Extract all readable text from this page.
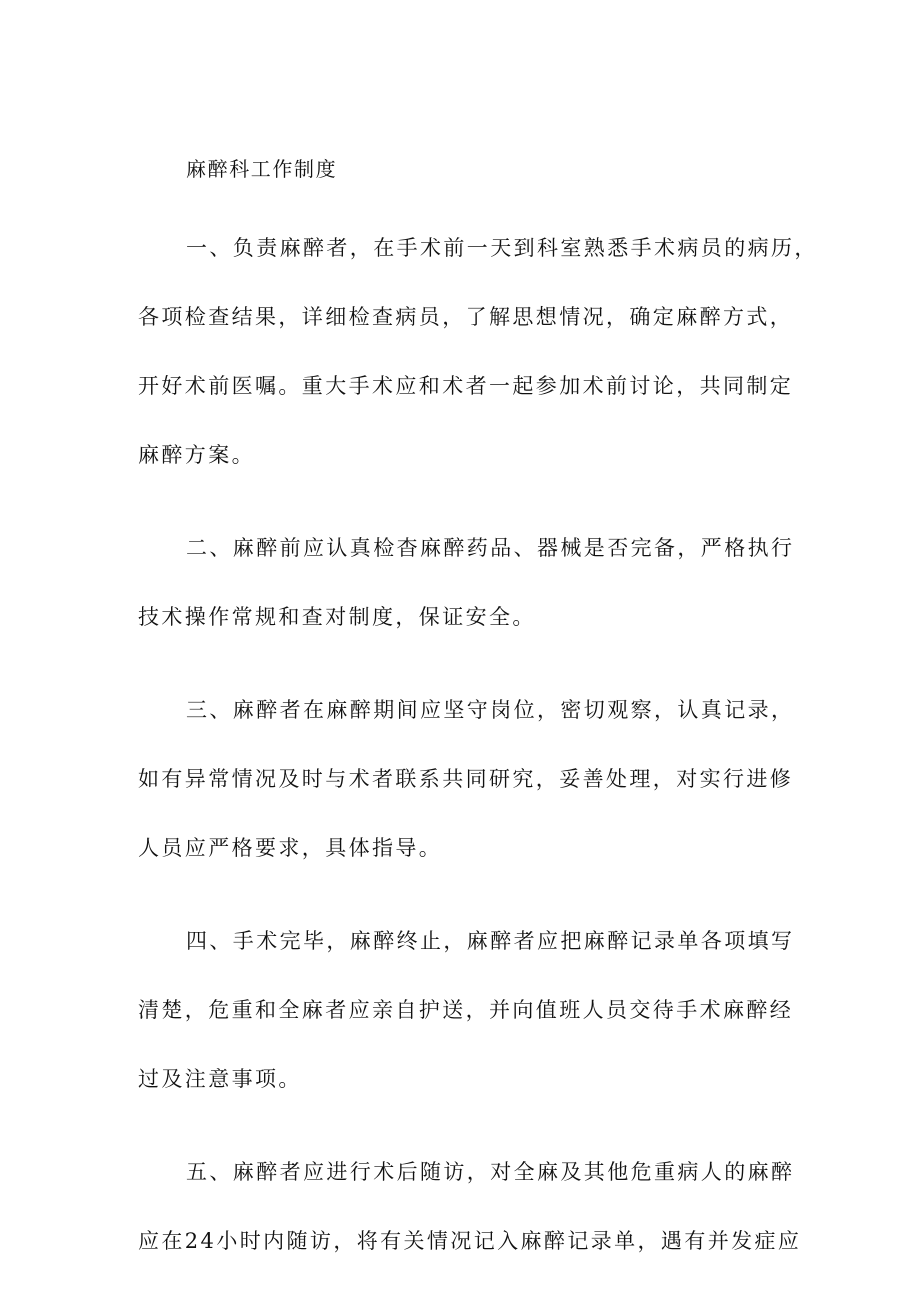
麻醉科工作制度

一、负责麻醉者，在手术前一天到科室熟悉手术病员的病历，
各项检查结果，详细检查病员，了解思想情况，确定麻醉方式，
开好术前医嘱。重大手术应和术者一起参加术前讨论，共同制定
麻醉方案。

二、麻醉前应认真检杳麻醉药品、器械是否完备，严格执行
技术操作常规和查对制度，保证安全。

三、麻醉者在麻醉期间应坚守岗位，密切观察，认真记录，
如有异常情况及时与术者联系共同研究，妥善处理，对实行进修
人员应严格要求，具体指导。

四、手术完毕，麻醉终止，麻醉者应把麻醉记录单各项填写
清楚，危重和全麻者应亲自护送，并向值班人员交待手术麻醉经
过及注意事项。

五、麻醉者应进行术后随访，对全麻及其他危重病人的麻醉
应在24小时内随访，将有关情况记入麻醉记录单，遇有并发症应
